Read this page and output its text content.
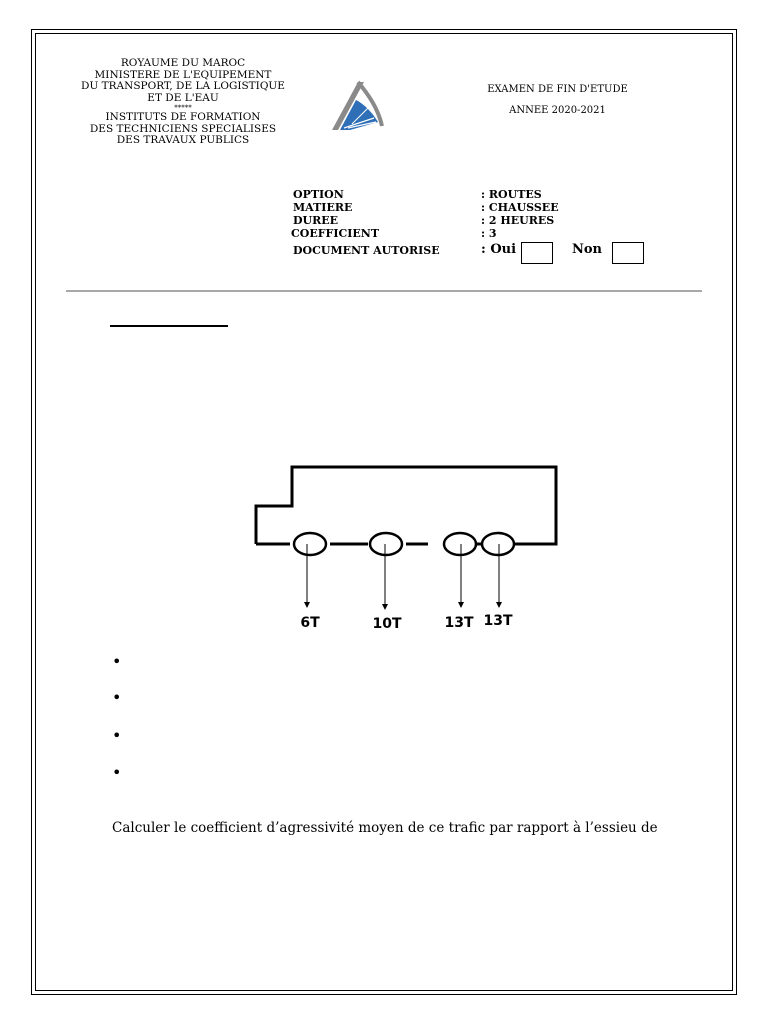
ROYAUME DU MAROC
MINISTERE DE L'EQUIPEMENT
DU TRANSPORT, DE LA LOGISTIQUE
ET DE L'EAU
*****
INSTITUTS DE FORMATION
DES TECHNICIENS SPECIALISES
DES TRAVAUX PUBLICS
EXAMEN DE FIN D'ETUDE
ANNEE 2020-2021
OPTION	: ROUTES
MATIERE	: CHAUSSEE
DUREE	: 2 HEURES
COEFFICIENT	: 3
DOCUMENT AUTORISE	: Oui	Non
6T	10T	13T 13T
•
•
•
•
Calculer le coefficient d’agressivité moyen de ce trafic par rapport à l’essieu de
